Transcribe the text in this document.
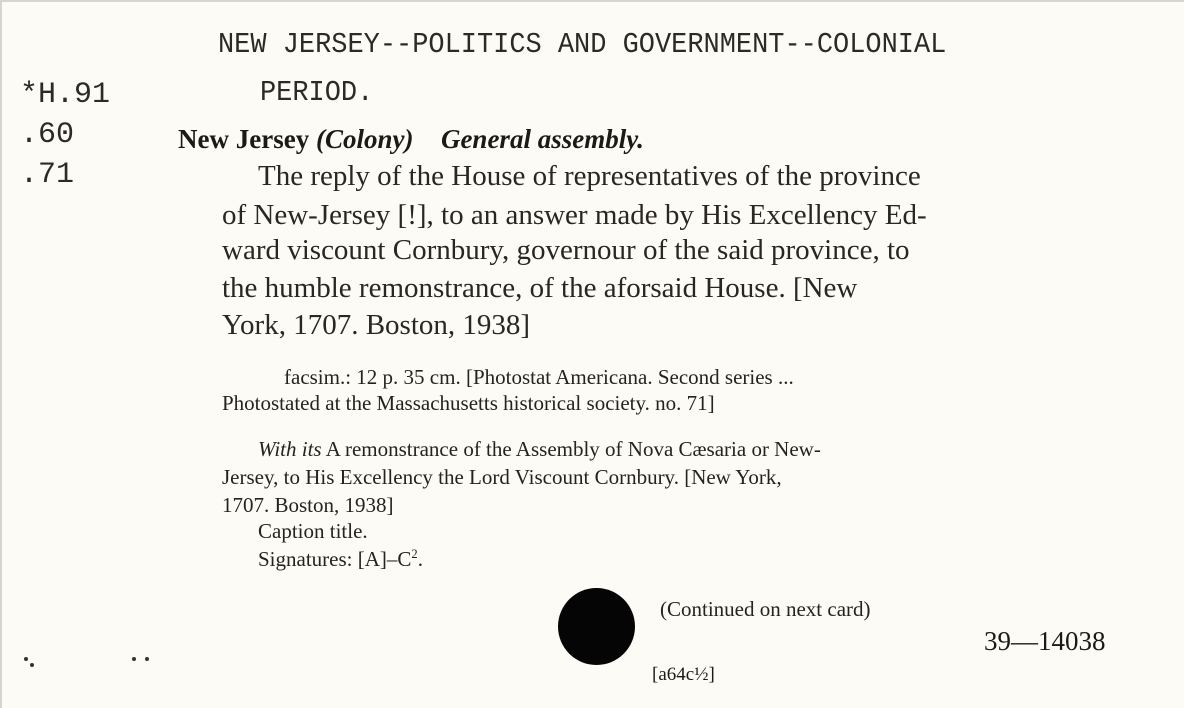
NEW JERSEY--POLITICS AND GOVERNMENT--COLONIAL
PERIOD.
*H.91
.60
.71
New Jersey (Colony) General assembly.
The reply of the House of representatives of the province
of New-Jersey [!], to an answer made by His Excellency Ed-
ward viscount Cornbury, governour of the said province, to
the humble remonstrance, of the aforsaid House. [New
York, 1707. Boston, 1938]
facsim.: 12 p. 35 cm. [Photostat Americana. Second series ...
Photostated at the Massachusetts historical society. no. 71]
With its A remonstrance of the Assembly of Nova Cæsaria or New-
Jersey, to His Excellency the Lord Viscount Cornbury. [New York,
1707. Boston, 1938]
Caption title.
Signatures: $[A]-C^2$.
(Continued on next card)
39—14038
[a64c½]
